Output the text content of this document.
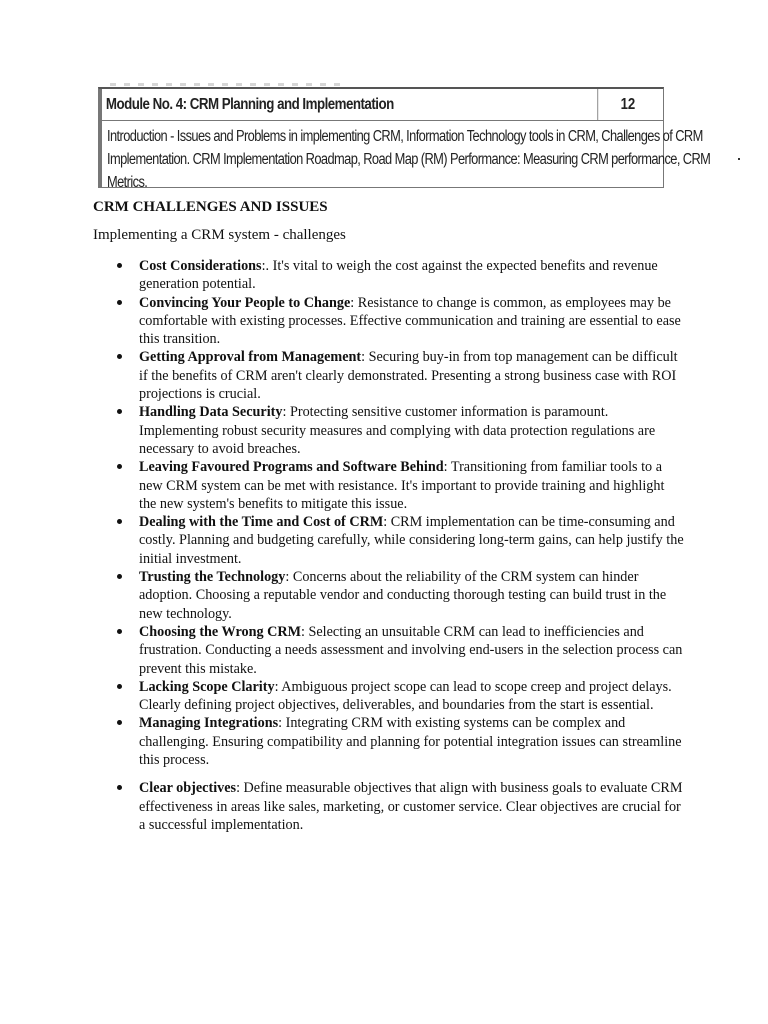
Module No. 4: CRM Planning and Implementation	12
Introduction - Issues and Problems in implementing CRM, Information Technology tools in CRM, Challenges of CRM
Implementation. CRM Implementation Roadmap, Road Map (RM) Performance: Measuring CRM performance, CRM
Metrics.
CRM CHALLENGES AND ISSUES

Implementing a CRM system - challenges

Cost Considerations:. It's vital to weigh the cost against the expected benefits and revenue generation potential.
Convincing Your People to Change: Resistance to change is common, as employees may be comfortable with existing processes. Effective communication and training are essential to ease this transition.
Getting Approval from Management: Securing buy-in from top management can be difficult if the benefits of CRM aren't clearly demonstrated. Presenting a strong business case with ROI projections is crucial.
Handling Data Security: Protecting sensitive customer information is paramount. Implementing robust security measures and complying with data protection regulations are necessary to avoid breaches.
Leaving Favoured Programs and Software Behind: Transitioning from familiar tools to a new CRM system can be met with resistance. It's important to provide training and highlight the new system's benefits to mitigate this issue.
Dealing with the Time and Cost of CRM: CRM implementation can be time-consuming and costly. Planning and budgeting carefully, while considering long-term gains, can help justify the initial investment.
Trusting the Technology: Concerns about the reliability of the CRM system can hinder adoption. Choosing a reputable vendor and conducting thorough testing can build trust in the new technology.
Choosing the Wrong CRM: Selecting an unsuitable CRM can lead to inefficiencies and frustration. Conducting a needs assessment and involving end-users in the selection process can prevent this mistake.
Lacking Scope Clarity: Ambiguous project scope can lead to scope creep and project delays. Clearly defining project objectives, deliverables, and boundaries from the start is essential.
Managing Integrations: Integrating CRM with existing systems can be complex and challenging. Ensuring compatibility and planning for potential integration issues can streamline this process.
Clear objectives: Define measurable objectives that align with business goals to evaluate CRM effectiveness in areas like sales, marketing, or customer service. Clear objectives are crucial for a successful implementation.
